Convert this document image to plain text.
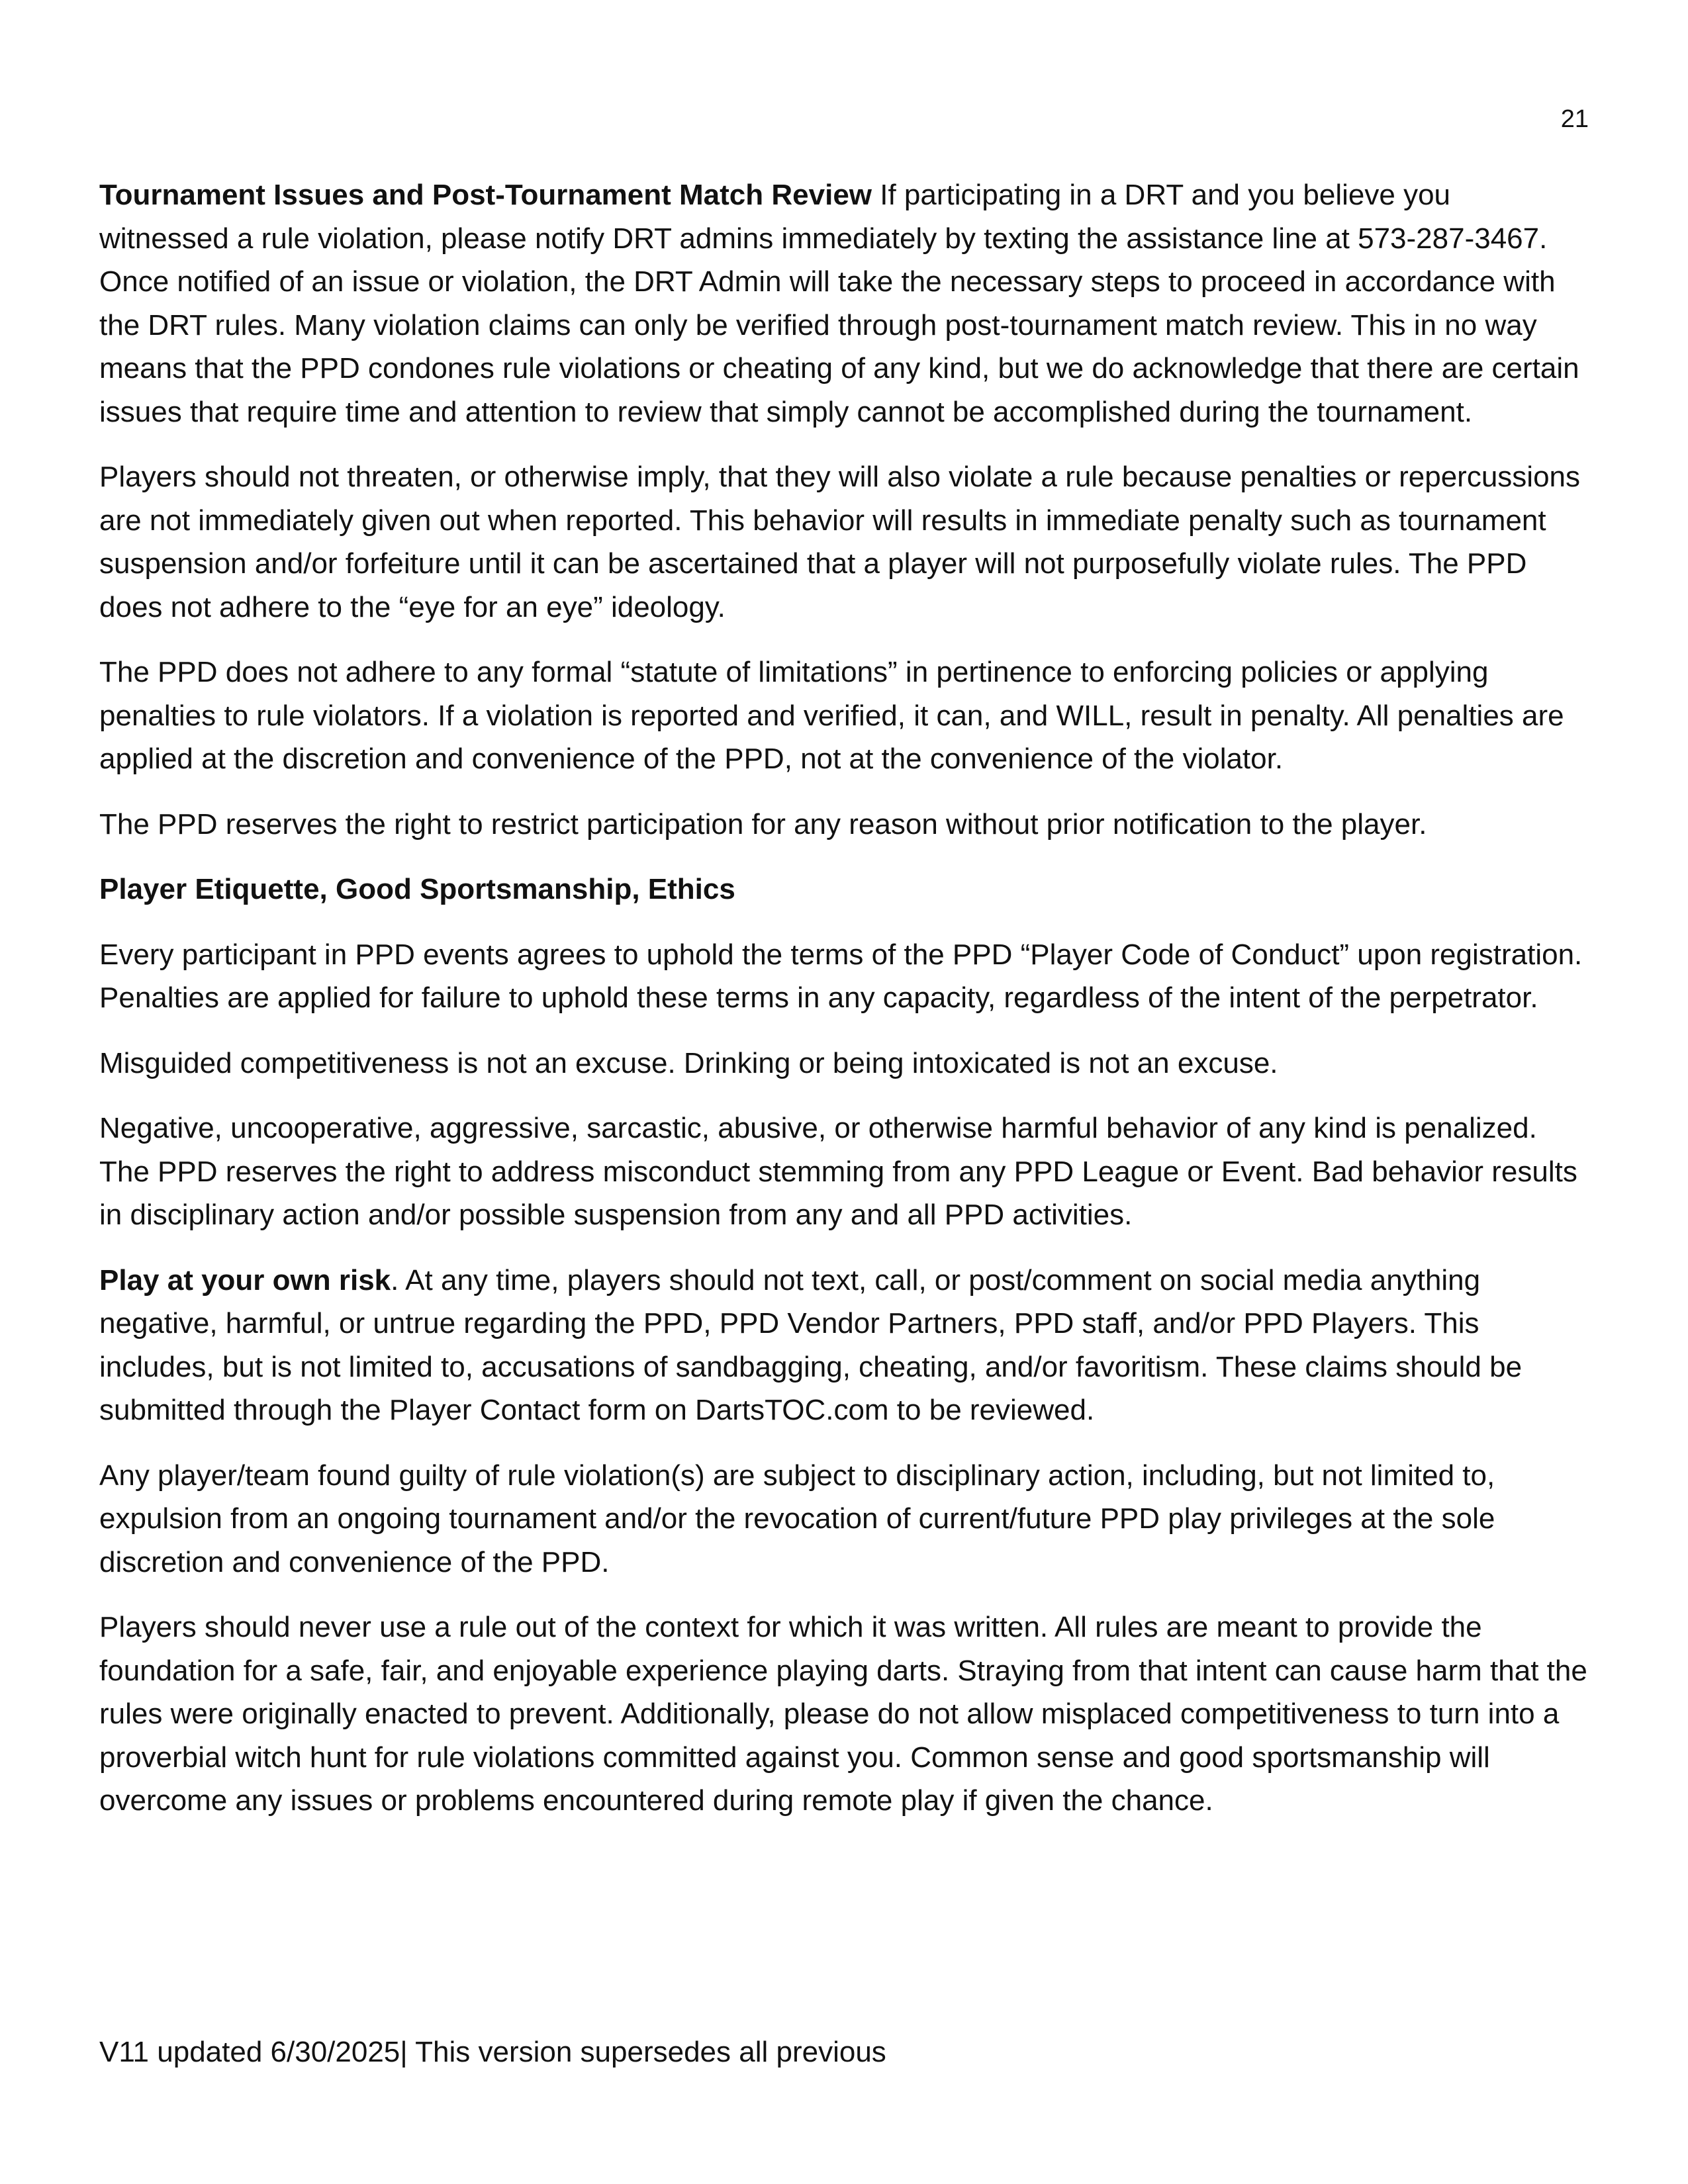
21

Tournament Issues and Post-Tournament Match Review If participating in a DRT and you believe you witnessed a rule violation, please notify DRT admins immediately by texting the assistance line at 573-287-3467. Once notified of an issue or violation, the DRT Admin will take the necessary steps to proceed in accordance with the DRT rules. Many violation claims can only be verified through post-tournament match review. This in no way means that the PPD condones rule violations or cheating of any kind, but we do acknowledge that there are certain issues that require time and attention to review that simply cannot be accomplished during the tournament.

Players should not threaten, or otherwise imply, that they will also violate a rule because penalties or repercussions are not immediately given out when reported. This behavior will results in immediate penalty such as tournament suspension and/or forfeiture until it can be ascertained that a player will not purposefully violate rules. The PPD does not adhere to the “eye for an eye” ideology.

The PPD does not adhere to any formal “statute of limitations” in pertinence to enforcing policies or applying penalties to rule violators. If a violation is reported and verified, it can, and WILL, result in penalty. All penalties are applied at the discretion and convenience of the PPD, not at the convenience of the violator.

The PPD reserves the right to restrict participation for any reason without prior notification to the player.

Player Etiquette, Good Sportsmanship, Ethics

Every participant in PPD events agrees to uphold the terms of the PPD “Player Code of Conduct” upon registration. Penalties are applied for failure to uphold these terms in any capacity, regardless of the intent of the perpetrator.

Misguided competitiveness is not an excuse. Drinking or being intoxicated is not an excuse.

Negative, uncooperative, aggressive, sarcastic, abusive, or otherwise harmful behavior of any kind is penalized. The PPD reserves the right to address misconduct stemming from any PPD League or Event. Bad behavior results in disciplinary action and/or possible suspension from any and all PPD activities.

Play at your own risk. At any time, players should not text, call, or post/comment on social media anything negative, harmful, or untrue regarding the PPD, PPD Vendor Partners, PPD staff, and/or PPD Players. This includes, but is not limited to, accusations of sandbagging, cheating, and/or favoritism. These claims should be submitted through the Player Contact form on DartsTOC.com to be reviewed.

Any player/team found guilty of rule violation(s) are subject to disciplinary action, including, but not limited to, expulsion from an ongoing tournament and/or the revocation of current/future PPD play privileges at the sole discretion and convenience of the PPD.

Players should never use a rule out of the context for which it was written. All rules are meant to provide the foundation for a safe, fair, and enjoyable experience playing darts. Straying from that intent can cause harm that the rules were originally enacted to prevent. Additionally, please do not allow misplaced competitiveness to turn into a proverbial witch hunt for rule violations committed against you. Common sense and good sportsmanship will overcome any issues or problems encountered during remote play if given the chance.

V11 updated 6/30/2025| This version supersedes all previous
